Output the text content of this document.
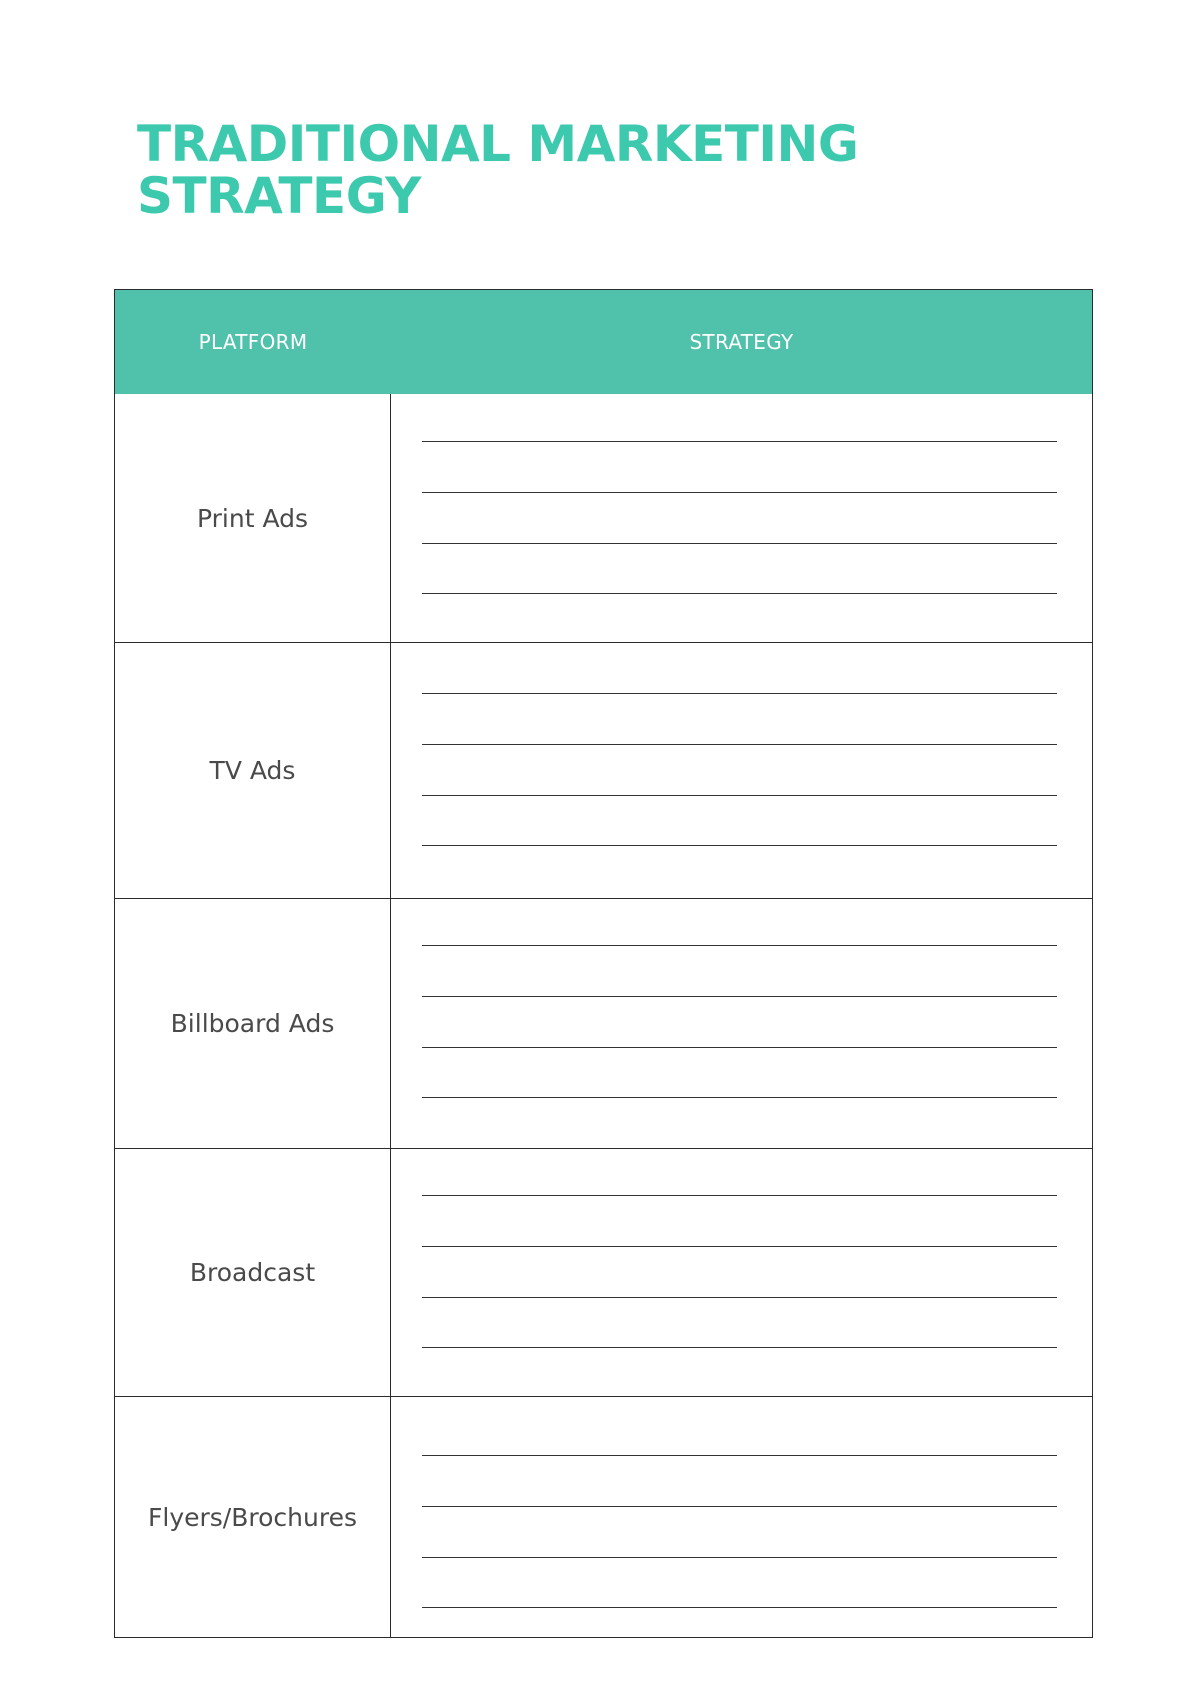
TRADITIONAL MARKETING
STRATEGY
PLATFORM	STRATEGY
Print Ads
TV Ads
Billboard Ads
Broadcast
Flyers/Brochures
